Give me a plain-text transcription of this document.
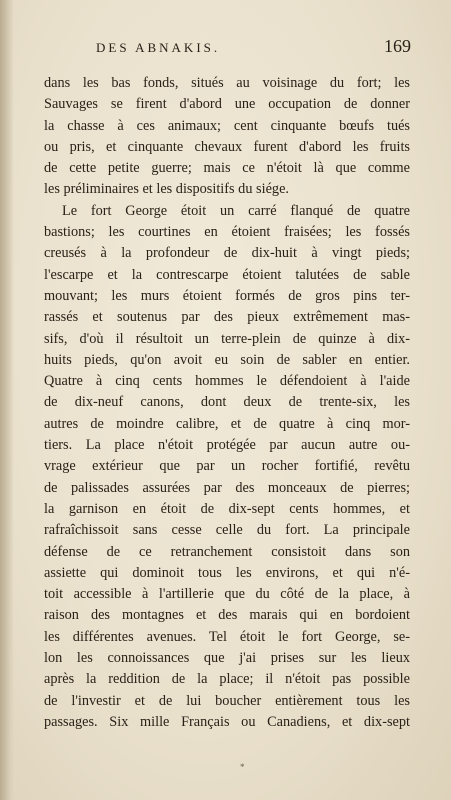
DES ABNAKIS.	169
dans les bas fonds, situés au voisinage du fort; les
Sauvages se firent d'abord une occupation de donner
la chasse à ces animaux; cent cinquante bœufs tués
ou pris, et cinquante chevaux furent d'abord les fruits
de cette petite guerre; mais ce n'étoit là que comme
les préliminaires et les dispositifs du siége.
Le fort George étoit un carré flanqué de quatre
bastions; les courtines en étoient fraisées; les fossés
creusés à la profondeur de dix-huit à vingt pieds;
l'escarpe et la contrescarpe étoient talutées de sable
mouvant; les murs étoient formés de gros pins ter-
rassés et soutenus par des pieux extrêmement mas-
sifs, d'où il résultoit un terre-plein de quinze à dix-
huits pieds, qu'on avoit eu soin de sabler en entier.
Quatre à cinq cents hommes le défendoient à l'aide
de dix-neuf canons, dont deux de trente-six, les
autres de moindre calibre, et de quatre à cinq mor-
tiers. La place n'étoit protégée par aucun autre ou-
vrage extérieur que par un rocher fortifié, revêtu
de palissades assurées par des monceaux de pierres;
la garnison en étoit de dix-sept cents hommes, et
rafraîchissoit sans cesse celle du fort. La principale
défense de ce retranchement consistoit dans son
assiette qui dominoit tous les environs, et qui n'é-
toit accessible à l'artillerie que du côté de la place, à
raison des montagnes et des marais qui en bordoient
les différentes avenues. Tel étoit le fort George, se-
lon les connoissances que j'ai prises sur les lieux
après la reddition de la place; il n'étoit pas possible
de l'investir et de lui boucher entièrement tous les
passages. Six mille Français ou Canadiens, et dix-sept
*
